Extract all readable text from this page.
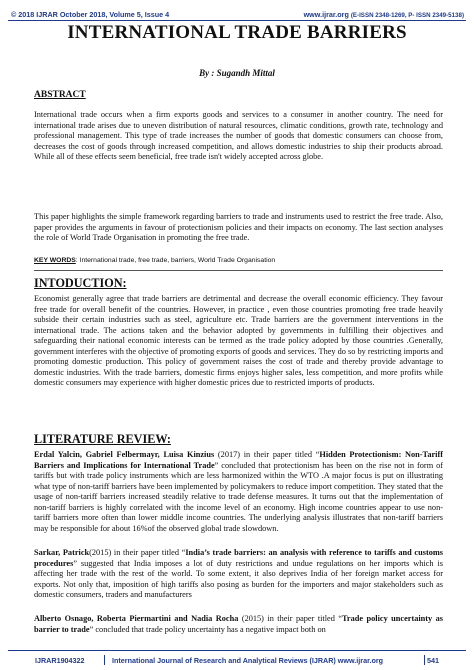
© 2018 IJRAR October 2018, Volume 5, Issue 4	www.ijrar.org (E-ISSN 2348-1269, P- ISSN 2349-5138)
INTERNATIONAL TRADE BARRIERS
By : Sugandh Mittal
ABSTRACT

International trade occurs when a firm exports goods and services to a consumer in another country. The need for international trade arises due to uneven distribution of natural resources, climatic conditions, growth rate, technology and professional management. This type of trade increases the number of goods that domestic consumers can choose from, decreases the cost of goods through increased competition, and allows domestic industries to ship their products abroad. While all of these effects seem beneficial, free trade isn't widely accepted across globe.

This paper highlights the simple framework regarding barriers to trade and instruments used to restrict the free trade. Also, paper provides the arguments in favour of protectionism policies and their impacts on economy. The last section analyses the role of World Trade Organisation in promoting the free trade.

KEY WORDS: International trade, free trade, barriers, World Trade Organisation
INTODUCTION:

Economist generally agree that trade barriers are detrimental and decrease the overall economic efficiency. They favour free trade for overall benefit of the countries. However, in practice , even those countries promoting free trade heavily subside their certain industries such as steel, agriculture etc. Trade barriers are the government interventions in the international trade. The actions taken and the behavior adopted by governments in fulfilling their objectives and safeguarding their national economic interests can be termed as the trade policy adopted by those countries .Generally, government interferes with the objective of promoting exports of goods and services. They do so by restricting imports and promoting domestic production. This policy of government raises the cost of trade and thereby provide advantage to domestic industries. With the trade barriers, domestic firms enjoys higher sales, less competition, and more profits while domestic consumers may experience with higher domestic prices due to restricted imports of products.

LITERATURE REVIEW:

Erdal Yalcin, Gabriel Felbermayr, Luisa Kinzius (2017) in their paper titled “Hidden Protectionism: Non-Tariff Barriers and Implications for International Trade” concluded that protectionism has been on the rise not in form of tariffs but with trade policy instruments which are less harmonized within the WTO .A major focus is put on illustrating what type of non-tariff barriers have been implemented by policymakers to reduce import competition. They stated that the usage of non-tariff barriers increased steadily relative to trade defense measures. It turns out that the implementation of non-tariff barriers is highly correlated with the income level of an economy. High income countries appear to use non-tariff barriers more often than lower middle income countries. The underlying analysis illustrates that non-tariff barriers may be responsible for about 16%of the observed global trade slowdown.

Sarkar, Patrick(2015) in their paper titled “India’s trade barriers: an analysis with reference to tariffs and customs procedures” suggested that India imposes a lot of duty restrictions and undue regulations on her imports which is affecting her trade with the rest of the world. To some extent, it also deprives India of her foreign market access for exports. Not only that, imposition of high tariffs also posing as burden for the importers and major stakeholders such as domestic consumers, traders and manufacturers

Alberto Osnago, Roberta Piermartini and Nadia Rocha (2015) in their paper titled “Trade policy uncertainty as barrier to trade” concluded that trade policy uncertainty has a negative impact both on

IJRAR1904322	International Journal of Research and Analytical Reviews (IJRAR) www.ijrar.org	541
